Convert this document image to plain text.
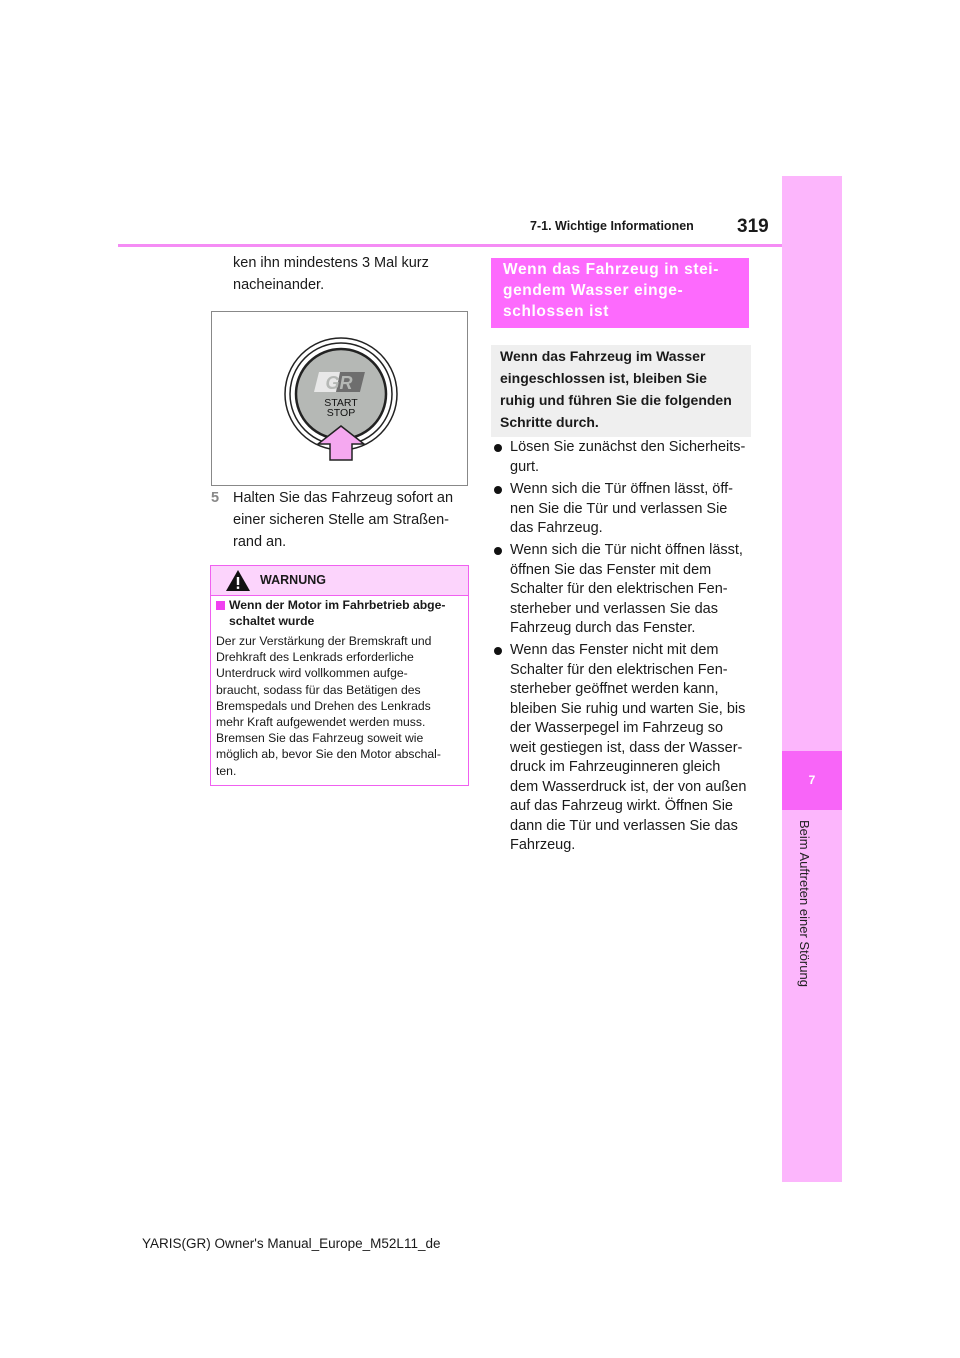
7
Beim Auftreten einer Störung
7-1. Wichtige Informationen 319
ken ihn mindestens 3 Mal kurz
nacheinander.
GR
START
STOP
5 Halten Sie das Fahrzeug sofort an
einer sicheren Stelle am Straßen-
rand an.
WARNUNG
Wenn der Motor im Fahrbetrieb abge-
schaltet wurde
Der zur Verstärkung der Bremskraft und
Drehkraft des Lenkrads erforderliche
Unterdruck wird vollkommen aufge-
braucht, sodass für das Betätigen des
Bremspedals und Drehen des Lenkrads
mehr Kraft aufgewendet werden muss.
Bremsen Sie das Fahrzeug soweit wie
möglich ab, bevor Sie den Motor abschal-
ten.
YARIS(GR) Owner's Manual_Europe_M52L11_de
Wenn das Fahrzeug in stei-
gendem Wasser einge-
schlossen ist
Wenn das Fahrzeug im Wasser
eingeschlossen ist, bleiben Sie
ruhig und führen Sie die folgenden
Schritte durch.
Lösen Sie zunächst den Sicherheits-
gurt.
Wenn sich die Tür öffnen lässt, öff-
nen Sie die Tür und verlassen Sie
das Fahrzeug.
Wenn sich die Tür nicht öffnen lässt,
öffnen Sie das Fenster mit dem
Schalter für den elektrischen Fen-
sterheber und verlassen Sie das
Fahrzeug durch das Fenster.
Wenn das Fenster nicht mit dem
Schalter für den elektrischen Fen-
sterheber geöffnet werden kann,
bleiben Sie ruhig und warten Sie, bis
der Wasserpegel im Fahrzeug so
weit gestiegen ist, dass der Wasser-
druck im Fahrzeuginneren gleich
dem Wasserdruck ist, der von außen
auf das Fahrzeug wirkt. Öffnen Sie
dann die Tür und verlassen Sie das
Fahrzeug.
